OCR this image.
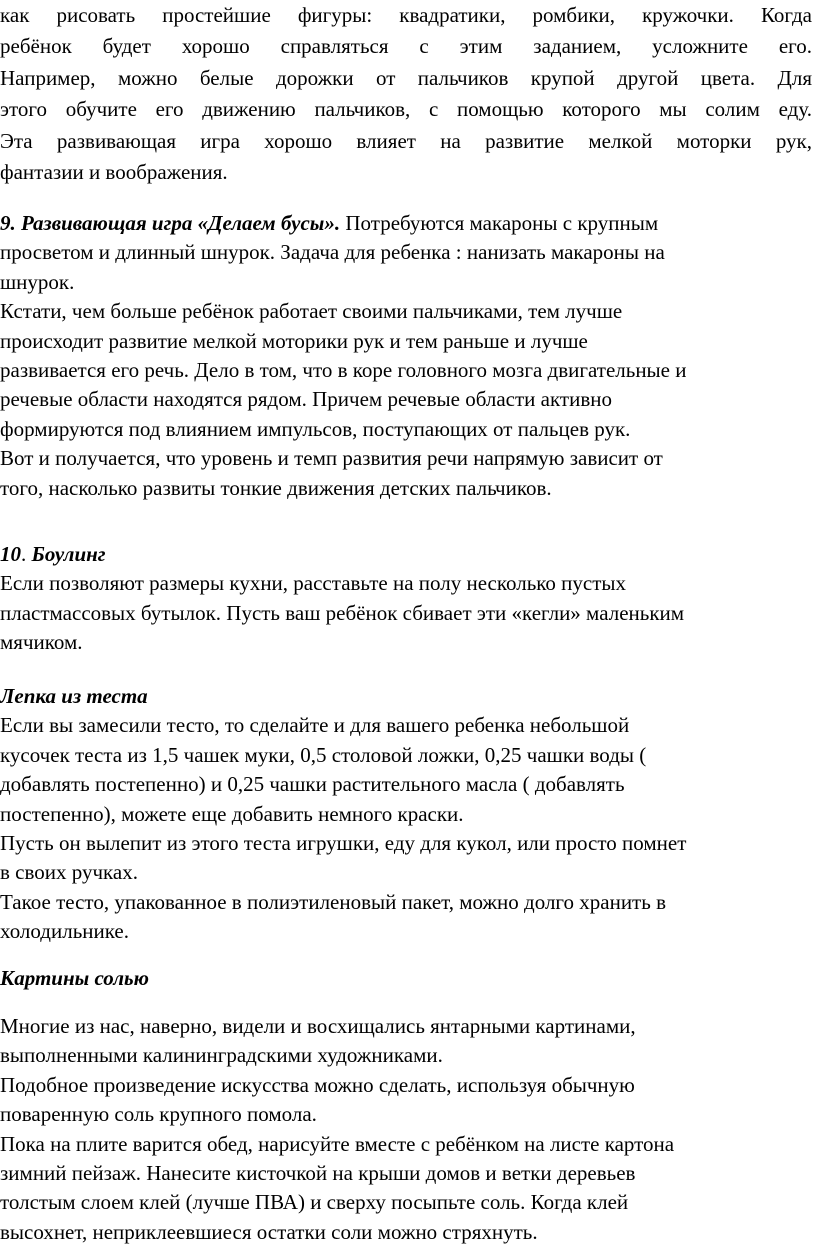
как рисовать простейшие фигуры: квадратики, ромбики, кружочки. Когда
ребёнок будет хорошо справляться с этим заданием, усложните его.
Например, можно белые дорожки от пальчиков крупой другой цвета. Для
этого обучите его движению пальчиков, с помощью которого мы солим еду.
Эта развивающая игра хорошо влияет на развитие мелкой моторки рук,
фантазии и воображения.
9. Развивающая игра «Делаем бусы». Потребуются макароны с крупным
просветом и длинный шнурок. Задача для ребенка : нанизать макароны на
шнурок.
Кстати, чем больше ребёнок работает своими пальчиками, тем лучше
происходит развитие мелкой моторики рук и тем раньше и лучше
развивается его речь. Дело в том, что в коре головного мозга двигательные и
речевые области находятся рядом. Причем речевые области активно
формируются под влиянием импульсов, поступающих от пальцев рук.
Вот и получается, что уровень и темп развития речи напрямую зависит от
того, насколько развиты тонкие движения детских пальчиков.
10. Боулинг
Если позволяют размеры кухни, расставьте на полу несколько пустых
пластмассовых бутылок. Пусть ваш ребёнок сбивает эти «кегли» маленьким
мячиком.
Лепка из теста
Если вы замесили тесто, то сделайте и для вашего ребенка небольшой
кусочек теста из 1,5 чашек муки, 0,5 столовой ложки, 0,25 чашки воды (
добавлять постепенно) и 0,25 чашки растительного масла ( добавлять
постепенно), можете еще добавить немного краски.
Пусть он вылепит из этого теста игрушки, еду для кукол, или просто помнет
в своих ручках.
Такое тесто, упакованное в полиэтиленовый пакет, можно долго хранить в
холодильнике.
Картины солью
Многие из нас, наверно, видели и восхищались янтарными картинами,
выполненными калининградскими художниками.
Подобное произведение искусства можно сделать, используя обычную
поваренную соль крупного помола.
Пока на плите варится обед, нарисуйте вместе с ребёнком на листе картона
зимний пейзаж. Нанесите кисточкой на крыши домов и ветки деревьев
толстым слоем клей (лучше ПВА) и сверху посыпьте соль. Когда клей
высохнет, неприклеевшиеся остатки соли можно стряхнуть.
